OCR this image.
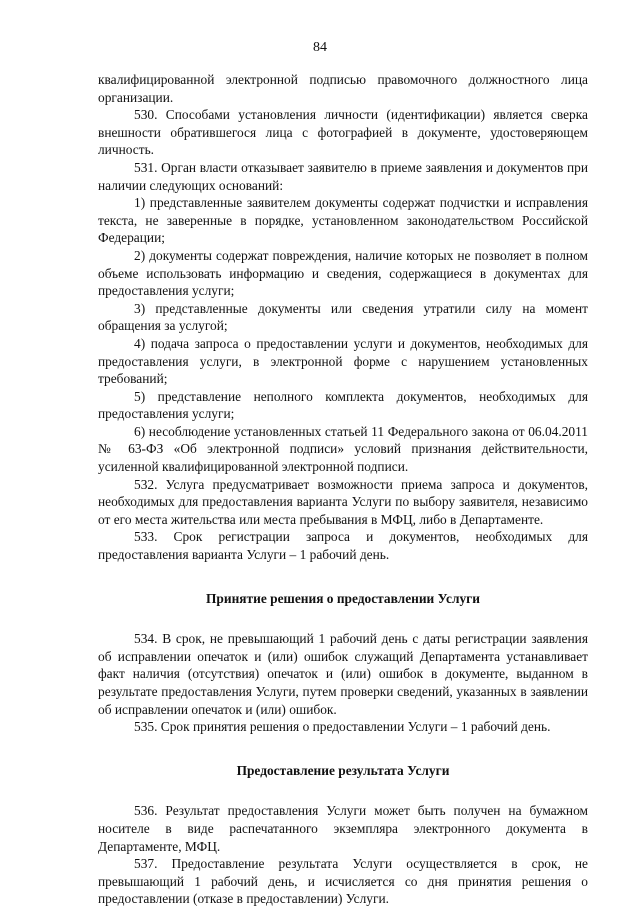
84

квалифицированной электронной подписью правомочного должностного лица организации.

530. Способами установления личности (идентификации) является сверка внешности обратившегося лица с фотографией в документе, удостоверяющем личность.

531. Орган власти отказывает заявителю в приеме заявления и документов при наличии следующих оснований:

1) представленные заявителем документы содержат подчистки и исправления текста, не заверенные в порядке, установленном законодательством Российской Федерации;

2) документы содержат повреждения, наличие которых не позволяет в полном объеме использовать информацию и сведения, содержащиеся в документах для предоставления услуги;

3) представленные документы или сведения утратили силу на момент обращения за услугой;

4) подача запроса о предоставлении услуги и документов, необходимых для предоставления услуги, в электронной форме с нарушением установленных требований;

5) представление неполного комплекта документов, необходимых для предоставления услуги;

6) несоблюдение установленных статьей 11 Федерального закона от 06.04.2011 № 63-ФЗ «Об электронной подписи» условий признания действительности, усиленной квалифицированной электронной подписи.

532. Услуга предусматривает возможности приема запроса и документов, необходимых для предоставления варианта Услуги по выбору заявителя, независимо от его места жительства или места пребывания в МФЦ, либо в Департаменте.

533. Срок регистрации запроса и документов, необходимых для предоставления варианта Услуги – 1 рабочий день.

Принятие решения о предоставлении Услуги

534. В срок, не превышающий 1 рабочий день с даты регистрации заявления об исправлении опечаток и (или) ошибок служащий Департамента устанавливает факт наличия (отсутствия) опечаток и (или) ошибок в документе, выданном в результате предоставления Услуги, путем проверки сведений, указанных в заявлении об исправлении опечаток и (или) ошибок.

535. Срок принятия решения о предоставлении Услуги – 1 рабочий день.

Предоставление результата Услуги

536. Результат предоставления Услуги может быть получен на бумажном носителе в виде распечатанного экземпляра электронного документа в Департаменте, МФЦ.

537. Предоставление результата Услуги осуществляется в срок, не превышающий 1 рабочий день, и исчисляется со дня принятия решения о предоставлении (отказе в предоставлении) Услуги.
